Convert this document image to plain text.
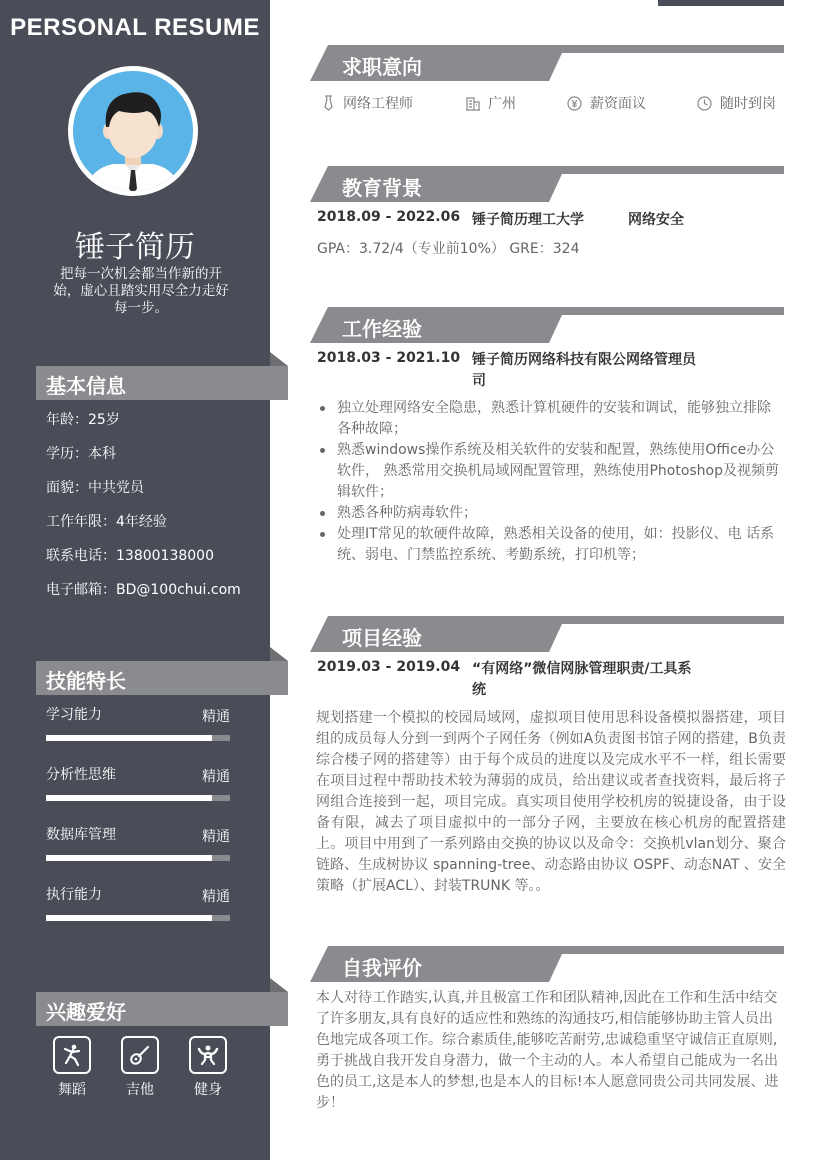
PERSONAL RESUME
锤子简历
把每一次机会都当作新的开始，虚心且踏实用尽全力走好每一步。
基本信息
年龄：25岁
学历：本科
面貌：中共党员
工作年限：4年经验
联系电话：13800138000
电子邮箱：BD@100chui.com
技能特长
学习能力	精通
分析性思维	精通
数据库管理	精通
执行能力	精通
兴趣爱好
舞蹈	吉他	健身
求职意向
网络工程师	广州	薪资面议	随时到岗
教育背景
2018.09 - 2022.06 锤子简历理工大学	网络安全
GPA：3.72/4（专业前10%） GRE：324
工作经验
2018.03 - 2021.10 锤子简历网络科技有限公网络管理员司
独立处理网络安全隐患，熟悉计算机硬件的安装和调试，能够独立排除各种故障；
熟悉windows操作系统及相关软件的安装和配置，熟练使用Office办公软件， 熟悉常用交换机局域网配置管理，熟练使用Photoshop及视频剪辑软件；
熟悉各种防病毒软件；
处理IT常见的软硬件故障，熟悉相关设备的使用，如：投影仪、电 话系统、弱电、门禁监控系统、考勤系统，打印机等；
项目经验
2019.03 - 2019.04 “有网络”微信网脉管理职责/工具系统
规划搭建一个模拟的校园局域网，虚拟项目使用思科设备模拟器搭建，项目组的成员每人分到一到两个子网任务（例如A负责图书馆子网的搭建，B负责综合楼子网的搭建等）由于每个成员的进度以及完成水平不一样，组长需要在项目过程中帮助技术较为薄弱的成员，给出建议或者查找资料，最后将子网组合连接到一起，项目完成。真实项目使用学校机房的锐捷设备，由于设备有限，减去了项目虚拟中的一部分子网，主要放在核心机房的配置搭建上。项目中用到了一系列路由交换的协议以及命令：交换机vlan划分、聚合链路、生成树协议 spanning-tree、动态路由协议 OSPF、动态NAT 、安全策略（扩展ACL）、封装TRUNK 等。。
自我评价
本人对待工作踏实,认真,并且极富工作和团队精神,因此在工作和生活中结交了许多朋友,具有良好的适应性和熟练的沟通技巧,相信能够协助主管人员出色地完成各项工作。综合素质佳,能够吃苦耐劳,忠诚稳重坚守诚信正直原则,勇于挑战自我开发自身潜力，做一个主动的人。本人希望自己能成为一名出色的员工,这是本人的梦想,也是本人的目标!本人愿意同贵公司共同发展、进步！
